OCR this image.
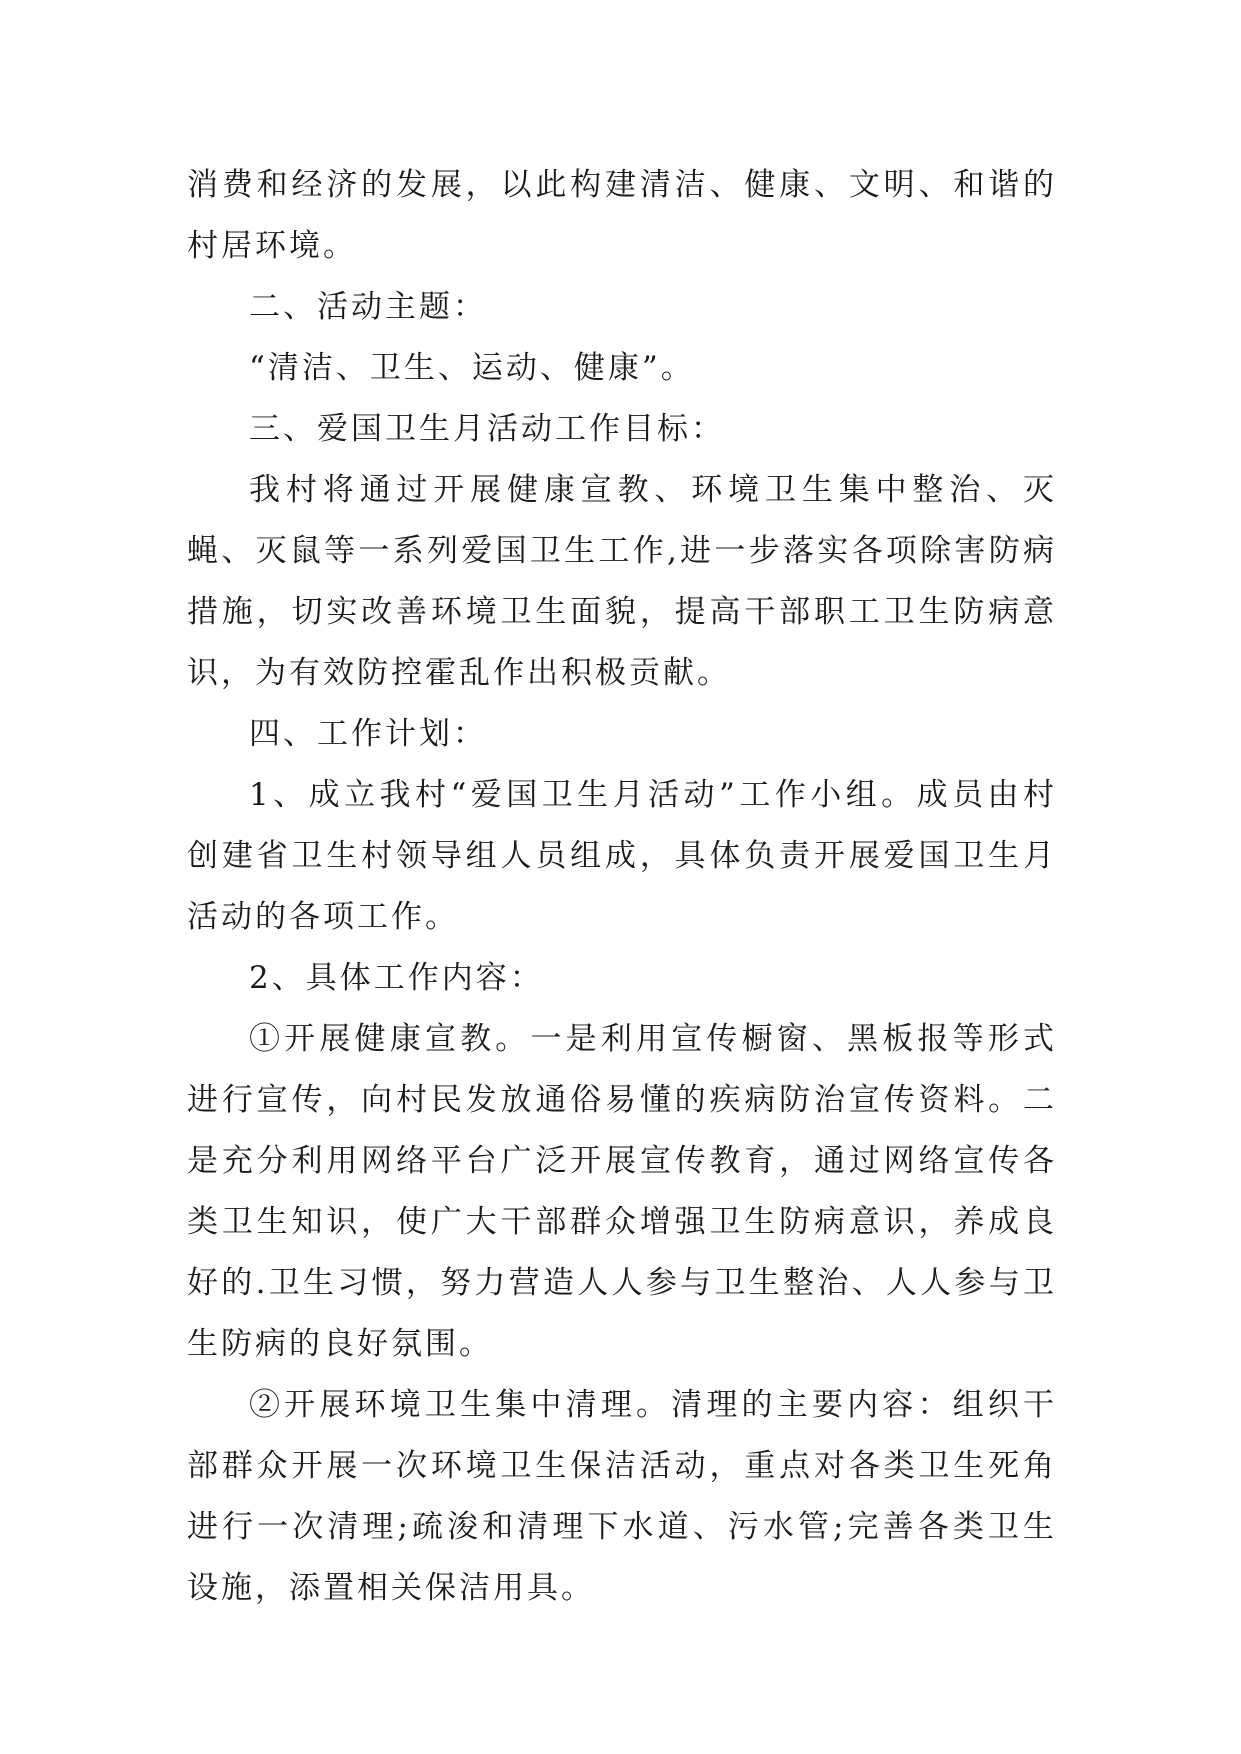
消费和经济的发展，以此构建清洁、健康、文明、和谐的村居环境。

二、活动主题：

“清洁、卫生、运动、健康”。

三、爱国卫生月活动工作目标：

我村将通过开展健康宣教、环境卫生集中整治、灭蝇、灭鼠等一系列爱国卫生工作,进一步落实各项除害防病措施，切实改善环境卫生面貌，提高干部职工卫生防病意识，为有效防控霍乱作出积极贡献。

四、工作计划：

1、成立我村“爱国卫生月活动”工作小组。成员由村创建省卫生村领导组人员组成，具体负责开展爱国卫生月活动的各项工作。

2、具体工作内容：

①开展健康宣教。一是利用宣传橱窗、黑板报等形式进行宣传，向村民发放通俗易懂的疾病防治宣传资料。二是充分利用网络平台广泛开展宣传教育，通过网络宣传各类卫生知识，使广大干部群众增强卫生防病意识，养成良好的.卫生习惯，努力营造人人参与卫生整治、人人参与卫生防病的良好氛围。

②开展环境卫生集中清理。清理的主要内容：组织干部群众开展一次环境卫生保洁活动，重点对各类卫生死角进行一次清理;疏浚和清理下水道、污水管;完善各类卫生设施，添置相关保洁用具。
